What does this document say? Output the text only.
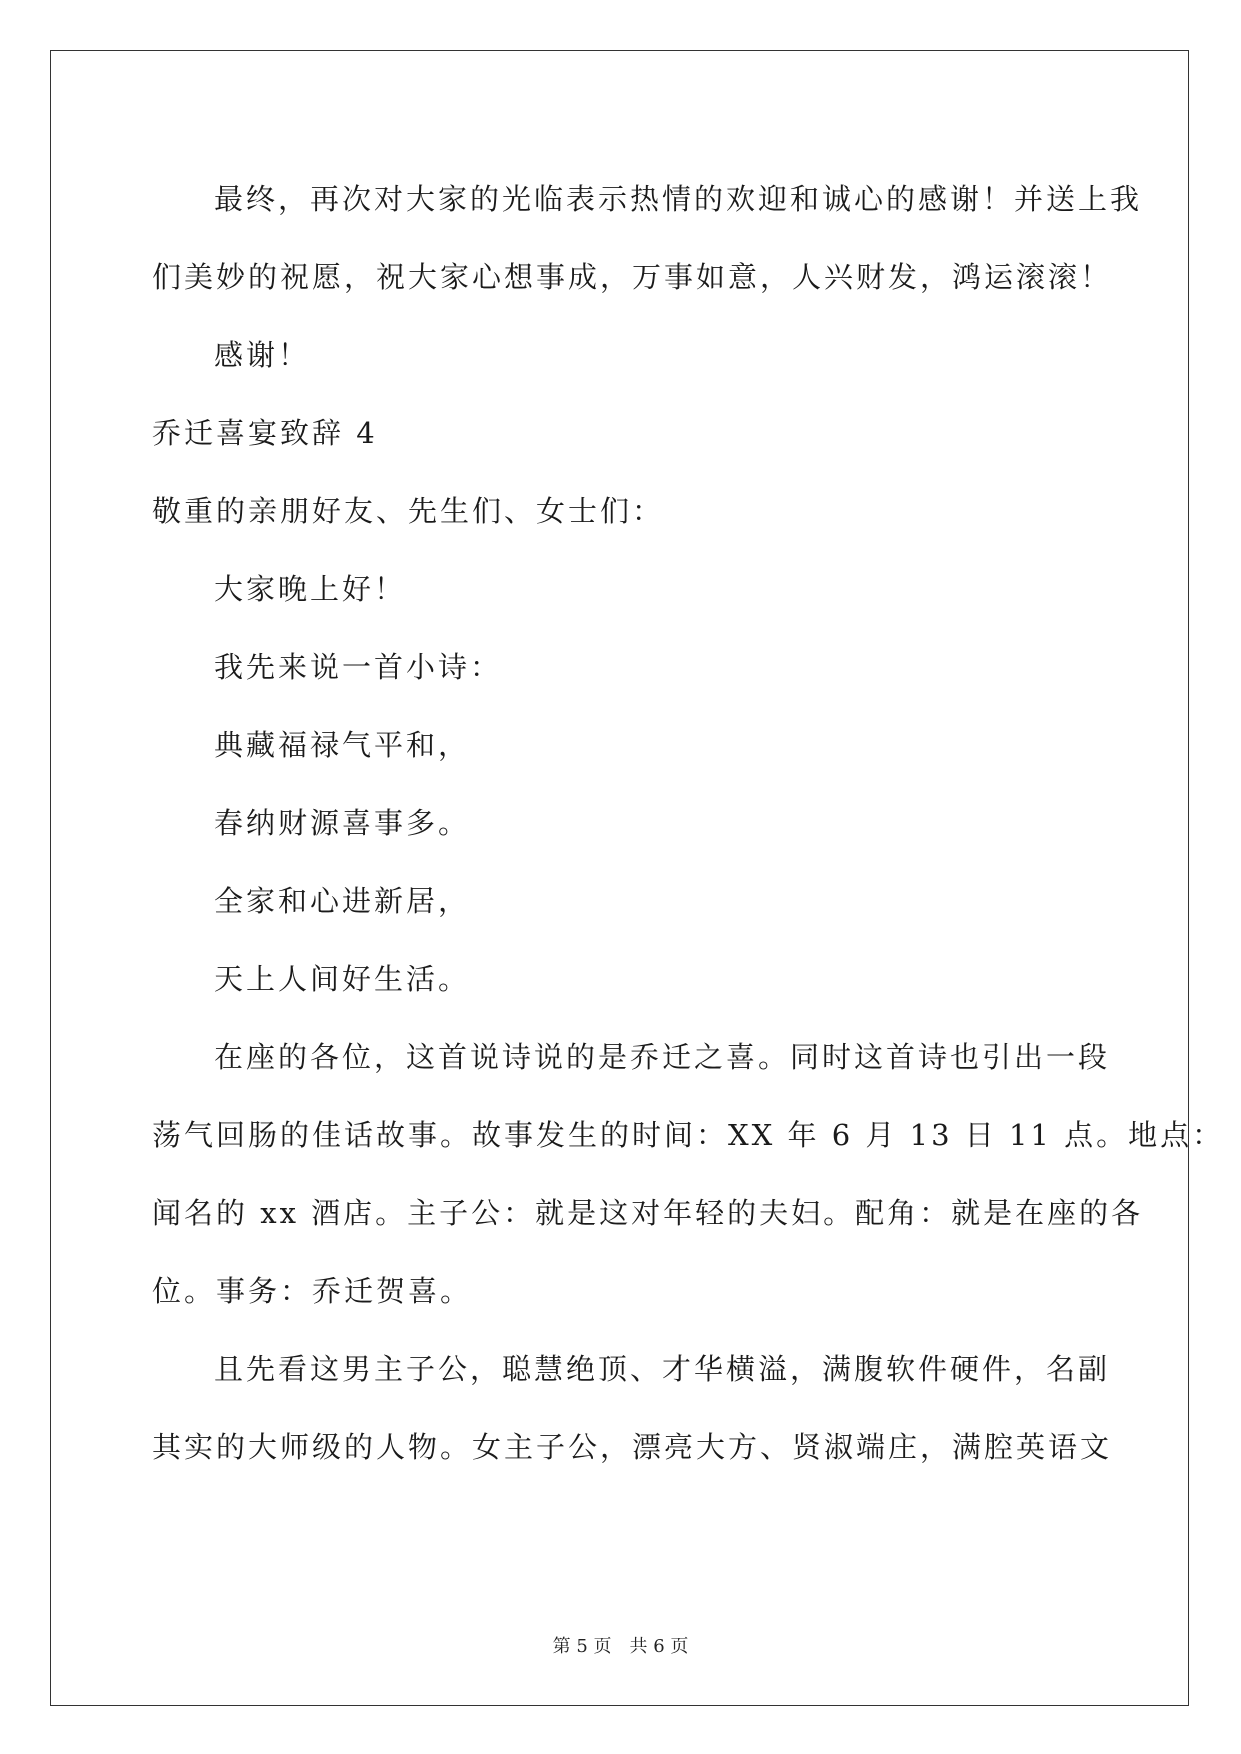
最终，再次对大家的光临表示热情的欢迎和诚心的感谢！并送上我
们美妙的祝愿，祝大家心想事成，万事如意，人兴财发，鸿运滚滚！
感谢！
乔迁喜宴致辞 4
敬重的亲朋好友、先生们、女士们：
大家晚上好！
我先来说一首小诗：
典藏福禄气平和，
春纳财源喜事多。
全家和心进新居，
天上人间好生活。
在座的各位，这首说诗说的是乔迁之喜。同时这首诗也引出一段
荡气回肠的佳话故事。故事发生的时间：XX 年 6 月 13 日 11 点。地点：
闻名的 xx 酒店。主子公：就是这对年轻的夫妇。配角：就是在座的各
位。事务：乔迁贺喜。
且先看这男主子公，聪慧绝顶、才华横溢，满腹软件硬件，名副
其实的大师级的人物。女主子公，漂亮大方、贤淑端庄，满腔英语文
第 5 页 共 6 页
